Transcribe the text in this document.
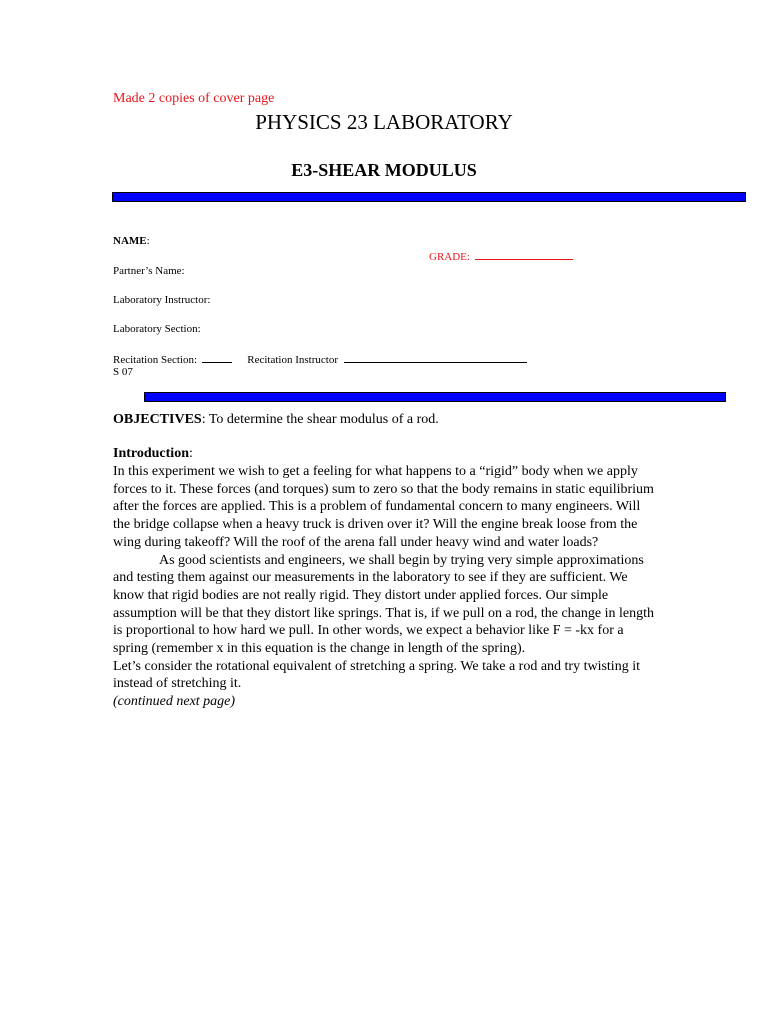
Made 2 copies of cover page
PHYSICS 23 LABORATORY
E3-SHEAR MODULUS
NAME:
GRADE:
Partner’s Name:
Laboratory Instructor:
Laboratory Section:
Recitation Section:	Recitation Instructor
S 07
OBJECTIVES: To determine the shear modulus of a rod.
Introduction:

In this experiment we wish to get a feeling for what happens to a “rigid” body when we apply forces to it. These forces (and torques) sum to zero so that the body remains in static equilibrium after the forces are applied. This is a problem of fundamental concern to many engineers. Will the bridge collapse when a heavy truck is driven over it? Will the engine break loose from the wing during takeoff? Will the roof of the arena fall under heavy wind and water loads?

As good scientists and engineers, we shall begin by trying very simple approximations and testing them against our measurements in the laboratory to see if they are sufficient. We know that rigid bodies are not really rigid. They distort under applied forces. Our simple assumption will be that they distort like springs. That is, if we pull on a rod, the change in length is proportional to how hard we pull. In other words, we expect a behavior like F = -kx for a spring (remember x in this equation is the change in length of the spring).

Let’s consider the rotational equivalent of stretching a spring. We take a rod and try twisting it instead of stretching it.

(continued next page)
